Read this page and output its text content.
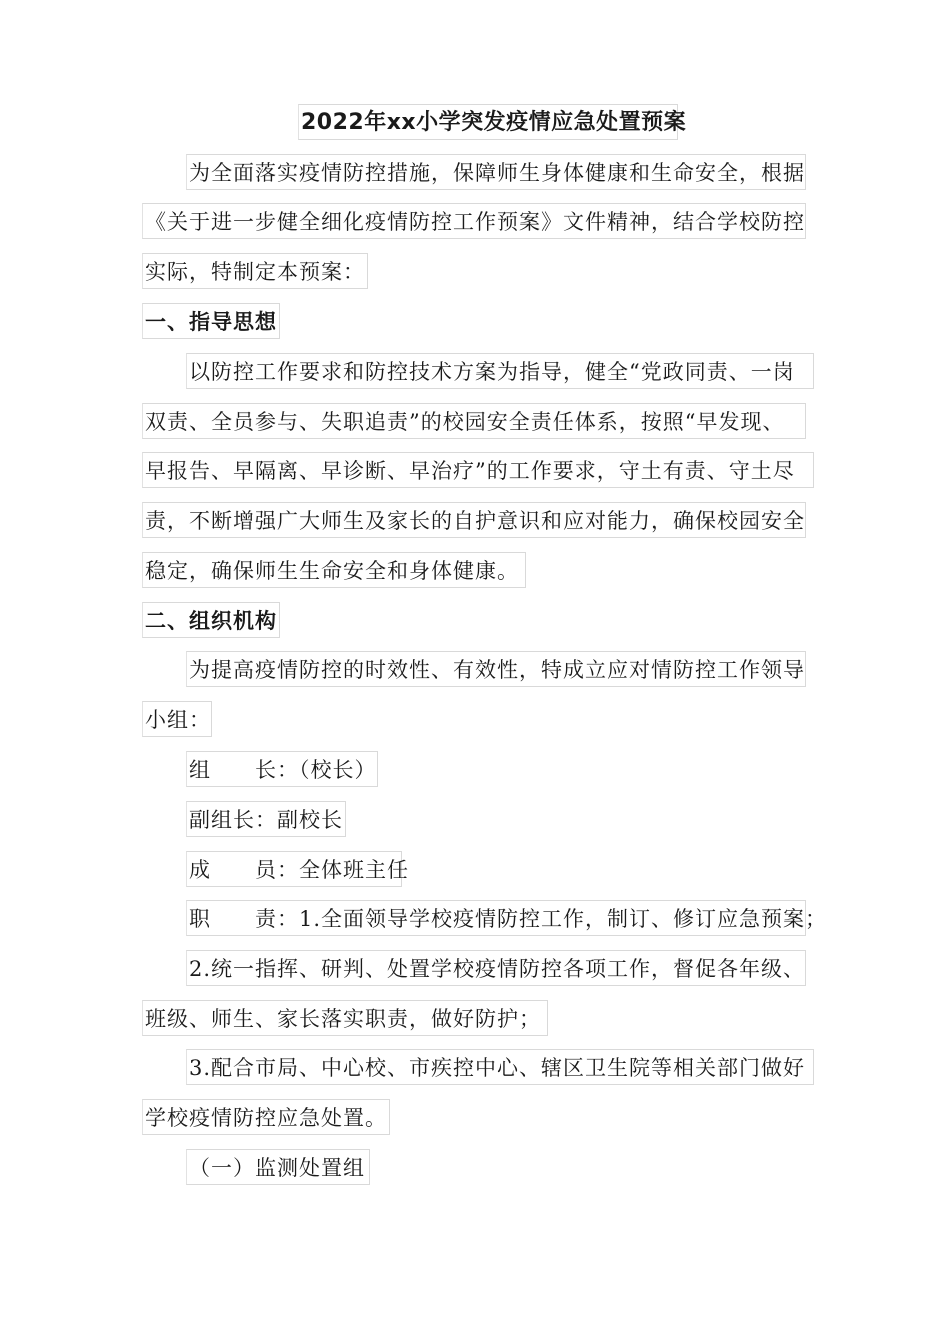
2022年xx小学突发疫情应急处置预案
为全面落实疫情防控措施，保障师生身体健康和生命安全，根据
《关于进一步健全细化疫情防控工作预案》文件精神，结合学校防控
实际，特制定本预案：
一、指导思想
以防控工作要求和防控技术方案为指导，健全“党政同责、一岗
双责、全员参与、失职追责”的校园安全责任体系，按照“早发现、
早报告、早隔离、早诊断、早治疗”的工作要求，守土有责、守土尽
责，不断增强广大师生及家长的自护意识和应对能力，确保校园安全
稳定，确保师生生命安全和身体健康。
二、组织机构
为提高疫情防控的时效性、有效性，特成立应对情防控工作领导
小组：
组　　长：（校长）
副组长：副校长
成　　员：全体班主任
职　　责：1.全面领导学校疫情防控工作，制订、修订应急预案；
2.统一指挥、研判、处置学校疫情防控各项工作，督促各年级、
班级、师生、家长落实职责，做好防护；
3.配合市局、中心校、市疾控中心、辖区卫生院等相关部门做好
学校疫情防控应急处置。
（一）监测处置组
